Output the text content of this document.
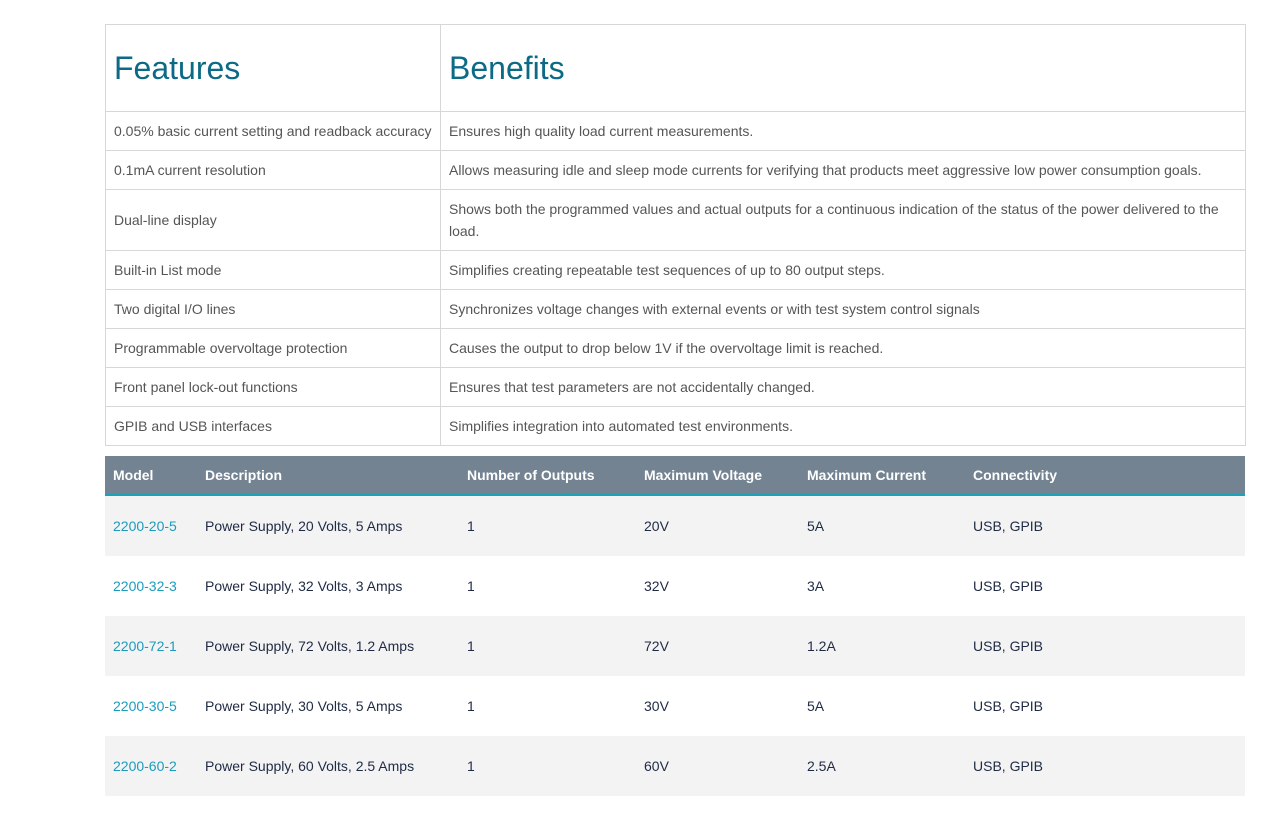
Features	Benefits
0.05% basic current setting and readback accuracy	Ensures high quality load current measurements.
0.1mA current resolution	Allows measuring idle and sleep mode currents for verifying that products meet aggressive low power consumption goals.
Dual-line display	Shows both the programmed values and actual outputs for a continuous indication of the status of the power delivered to the load.
Built-in List mode	Simplifies creating repeatable test sequences of up to 80 output steps.
Two digital I/O lines	Synchronizes voltage changes with external events or with test system control signals
Programmable overvoltage protection	Causes the output to drop below 1V if the overvoltage limit is reached.
Front panel lock-out functions	Ensures that test parameters are not accidentally changed.
GPIB and USB interfaces	Simplifies integration into automated test environments.
Model	Description	Number of Outputs	Maximum Voltage	Maximum Current	Connectivity
2200-20-5	Power Supply, 20 Volts, 5 Amps	1	20V	5A	USB, GPIB
2200-32-3	Power Supply, 32 Volts, 3 Amps	1	32V	3A	USB, GPIB
2200-72-1	Power Supply, 72 Volts, 1.2 Amps	1	72V	1.2A	USB, GPIB
2200-30-5	Power Supply, 30 Volts, 5 Amps	1	30V	5A	USB, GPIB
2200-60-2	Power Supply, 60 Volts, 2.5 Amps	1	60V	2.5A	USB, GPIB
